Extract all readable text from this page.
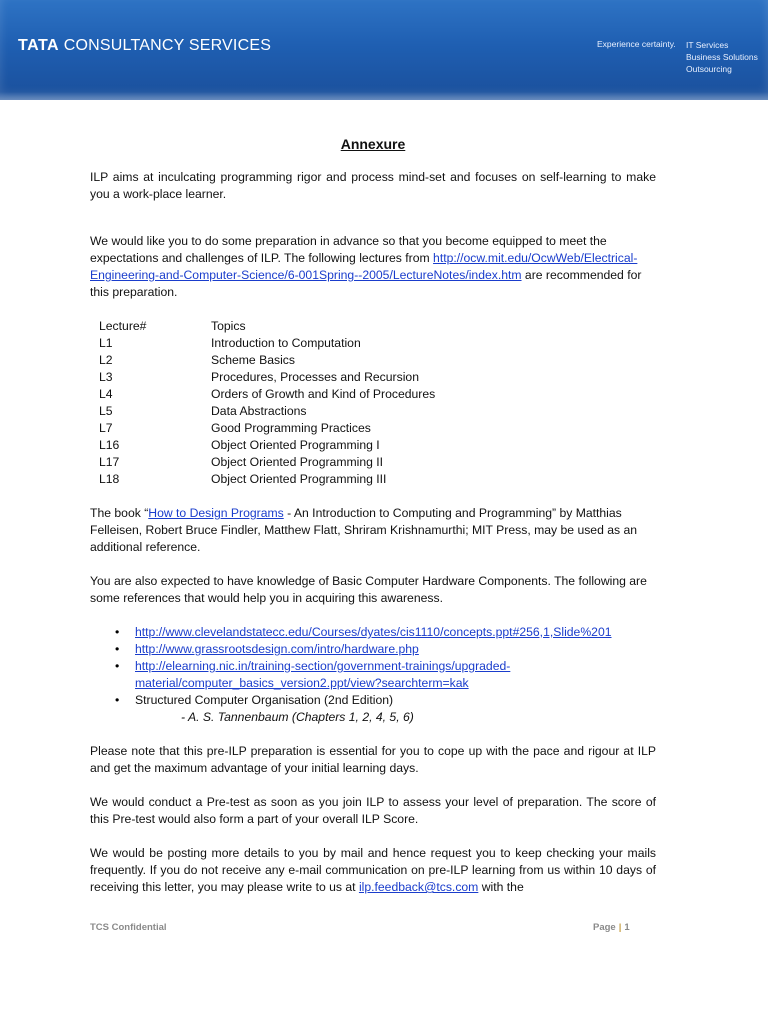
TATA CONSULTANCY SERVICES	Experience certainty. IT Services
Business Solutions
Outsourcing
Annexure

ILP aims at inculcating programming rigor and process mind-set and focuses on self-learning to make you a work-place learner.

We would like you to do some preparation in advance so that you become equipped to meet the expectations and challenges of ILP. The following lectures from http://ocw.mit.edu/OcwWeb/Electrical-Engineering-and-Computer-Science/6-001Spring--2005/LectureNotes/index.htm are recommended for this preparation.

Lecture#	Topics
L1	Introduction to Computation
L2	Scheme Basics
L3	Procedures, Processes and Recursion
L4	Orders of Growth and Kind of Procedures
L5	Data Abstractions
L7	Good Programming Practices
L16	Object Oriented Programming I
L17	Object Oriented Programming II
L18	Object Oriented Programming III

The book “How to Design Programs - An Introduction to Computing and Programming” by Matthias Felleisen, Robert Bruce Findler, Matthew Flatt, Shriram Krishnamurthi; MIT Press, may be used as an additional reference.

You are also expected to have knowledge of Basic Computer Hardware Components. The following are some references that would help you in acquiring this awareness.

• http://www.clevelandstatecc.edu/Courses/dyates/cis1110/concepts.ppt#256,1,Slide%201
• http://www.grassrootsdesign.com/intro/hardware.php
• http://elearning.nic.in/training-section/government-trainings/upgraded-material/computer_basics_version2.ppt/view?searchterm=kak
• Structured Computer Organisation (2nd Edition)
- A. S. Tannenbaum (Chapters 1, 2, 4, 5, 6)

Please note that this pre-ILP preparation is essential for you to cope up with the pace and rigour at ILP and get the maximum advantage of your initial learning days.

We would conduct a Pre-test as soon as you join ILP to assess your level of preparation. The score of this Pre-test would also form a part of your overall ILP Score.

We would be posting more details to you by mail and hence request you to keep checking your mails frequently. If you do not receive any e-mail communication on pre-ILP learning from us within 10 days of receiving this letter, you may please write to us at ilp.feedback@tcs.com with the

TCS Confidential	Page | 1
